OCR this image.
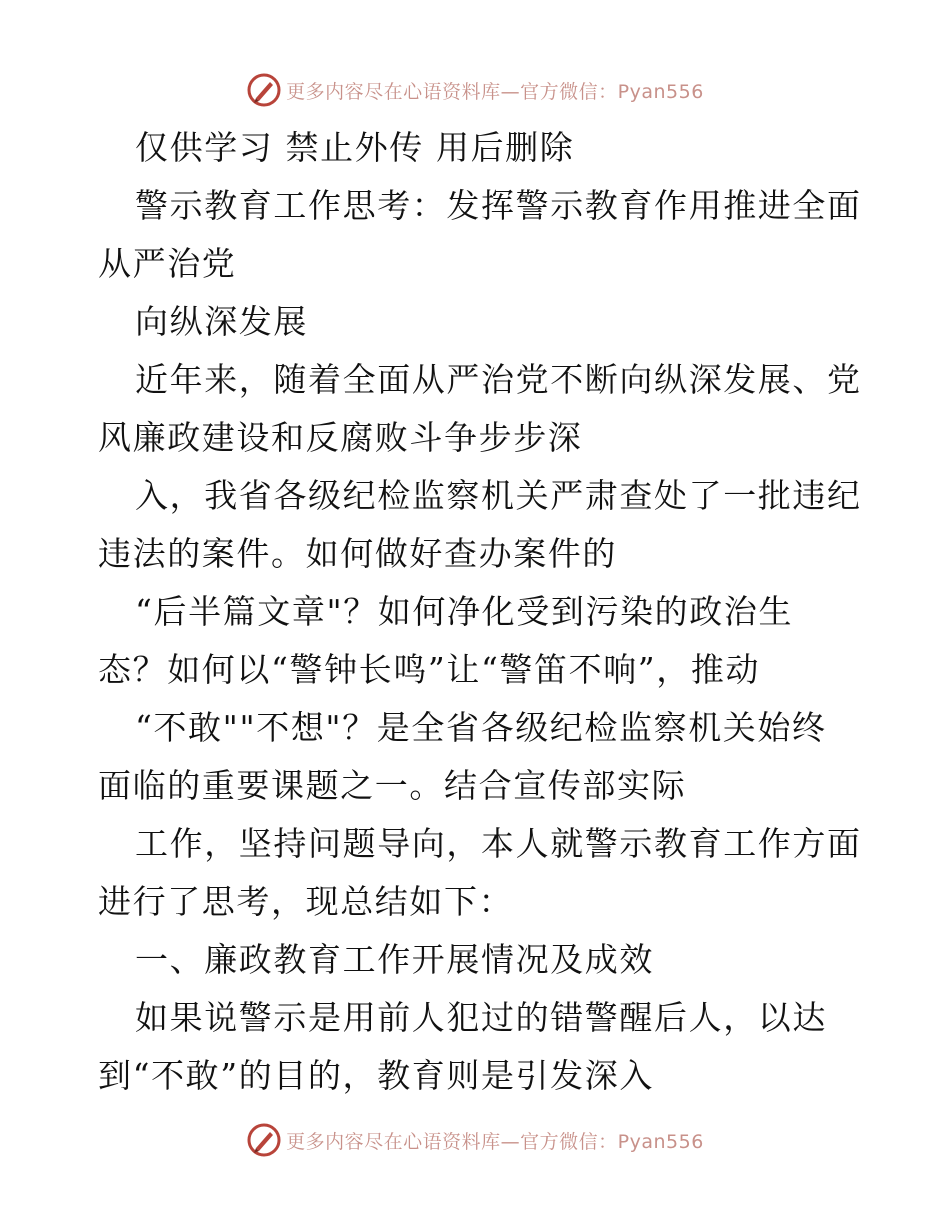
更多内容尽在心语资料库—官方微信：Pyan556
仅供学习 禁止外传 用后删除
警示教育工作思考：发挥警示教育作用推进全面
从严治党
向纵深发展
近年来，随着全面从严治党不断向纵深发展、党
风廉政建设和反腐败斗争步步深
入，我省各级纪检监察机关严肃查处了一批违纪
违法的案件。如何做好查办案件的
“后半篇文章"？如何净化受到污染的政治生
态？如何以“警钟长鸣”让“警笛不响”，推动
“不敢""不想"？是全省各级纪检监察机关始终
面临的重要课题之一。结合宣传部实际
工作，坚持问题导向，本人就警示教育工作方面
进行了思考，现总结如下：
一、廉政教育工作开展情况及成效
如果说警示是用前人犯过的错警醒后人，以达
到“不敢”的目的，教育则是引发深入
更多内容尽在心语资料库—官方微信：Pyan556
